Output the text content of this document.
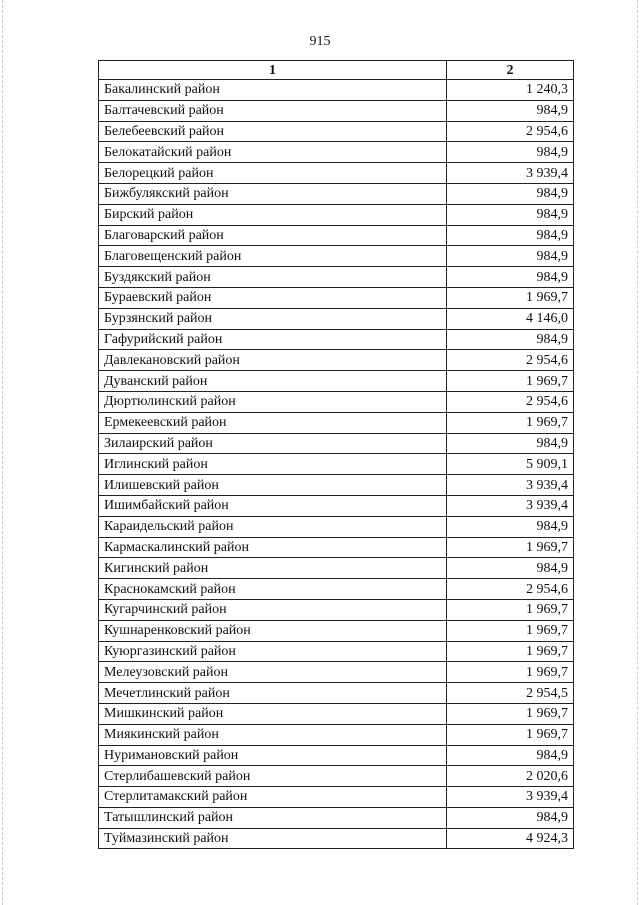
915
1	2
Бакалинский район	1 240,3
Балтачевский район	984,9
Белебеевский район	2 954,6
Белокатайский район	984,9
Белорецкий район	3 939,4
Бижбулякский район	984,9
Бирский район	984,9
Благоварский район	984,9
Благовещенский район	984,9
Буздякский район	984,9
Бураевский район	1 969,7
Бурзянский район	4 146,0
Гафурийский район	984,9
Давлекановский район	2 954,6
Дуванский район	1 969,7
Дюртюлинский район	2 954,6
Ермекеевский район	1 969,7
Зилаирский район	984,9
Иглинский район	5 909,1
Илишевский район	3 939,4
Ишимбайский район	3 939,4
Караидельский район	984,9
Кармаскалинский район	1 969,7
Кигинский район	984,9
Краснокамский район	2 954,6
Кугарчинский район	1 969,7
Кушнаренковский район	1 969,7
Куюргазинский район	1 969,7
Мелеузовский район	1 969,7
Мечетлинский район	2 954,5
Мишкинский район	1 969,7
Миякинский район	1 969,7
Нуримановский район	984,9
Стерлибашевский район	2 020,6
Стерлитамакский район	3 939,4
Татышлинский район	984,9
Туймазинский район	4 924,3
